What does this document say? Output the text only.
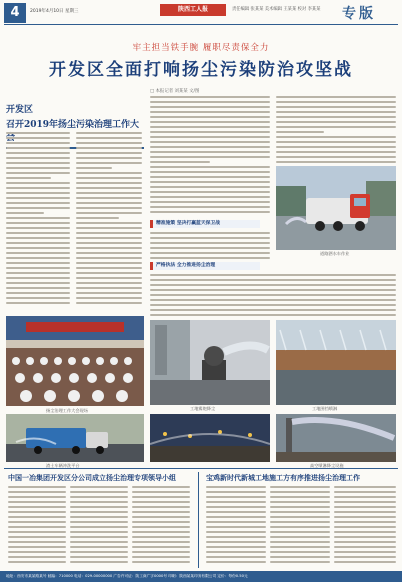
4	2019年4月10日 星期三	陕西工人报	责任编辑 张某某 美术编辑 王某某 校对 李某某 专版
牢主担当铁手腕 履职尽责保全力
开发区全面打响扬尘污染防治攻坚战
□ 本报记者 刘某某 文/图
开发区
召开2019年扬尘污染治理工作大
精准施策 坚决打赢蓝天保卫战
道路洒水车作业
扬尘治理工作大会现场
严格执法 全力推进扬尘治理
工地雾炮降尘	工地围挡喷淋
渣土车辆冲洗平台	高空喷淋降尘设施
中国一冶集团开发区分公司成立扬尘治理专项领导小组	宝鸡新时代新城工地施工方有序推进扬尘治理工作
地址：西安市某某路某号 邮编：710000 电话：029-00000000 广告许可证：陕工商广字0000号 印刷：陕西某某印务有限公司 定价：每份0.50元
